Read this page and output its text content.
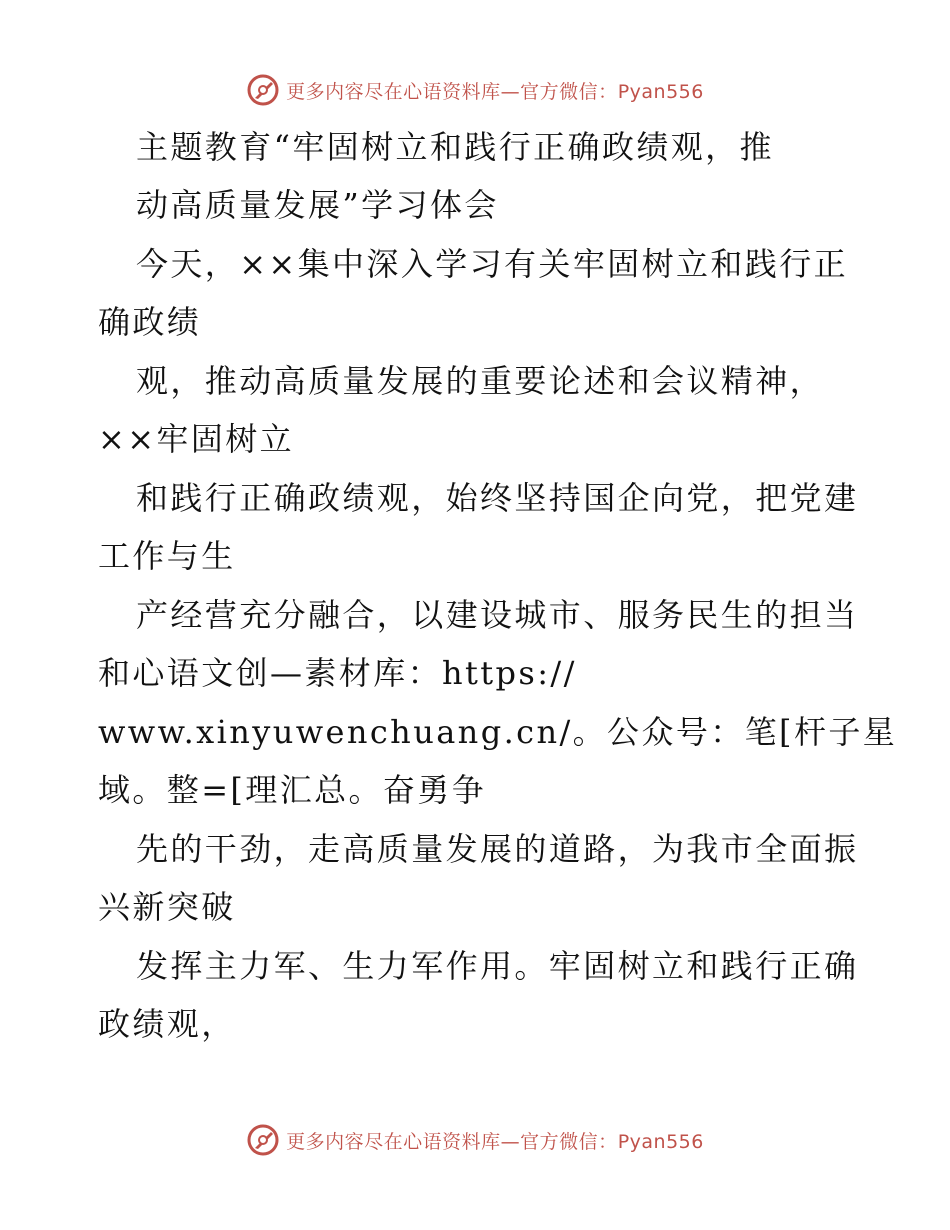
更多内容尽在心语资料库—官方微信：Pyan556
主题教育“牢固树立和践行正确政绩观，推
动高质量发展”学习体会
今天，××集中深入学习有关牢固树立和践行正
确政绩
观，推动高质量发展的重要论述和会议精神，
××牢固树立
和践行正确政绩观，始终坚持国企向党，把党建
工作与生
产经营充分融合，以建设城市、服务民生的担当
和心语文创—素材库：https://
www.xinyuwenchuang.cn/。公众号：笔[杆子星
域。整=[理汇总。奋勇争
先的干劲，走高质量发展的道路，为我市全面振
兴新突破
发挥主力军、生力军作用。牢固树立和践行正确
政绩观，
更多内容尽在心语资料库—官方微信：Pyan556
